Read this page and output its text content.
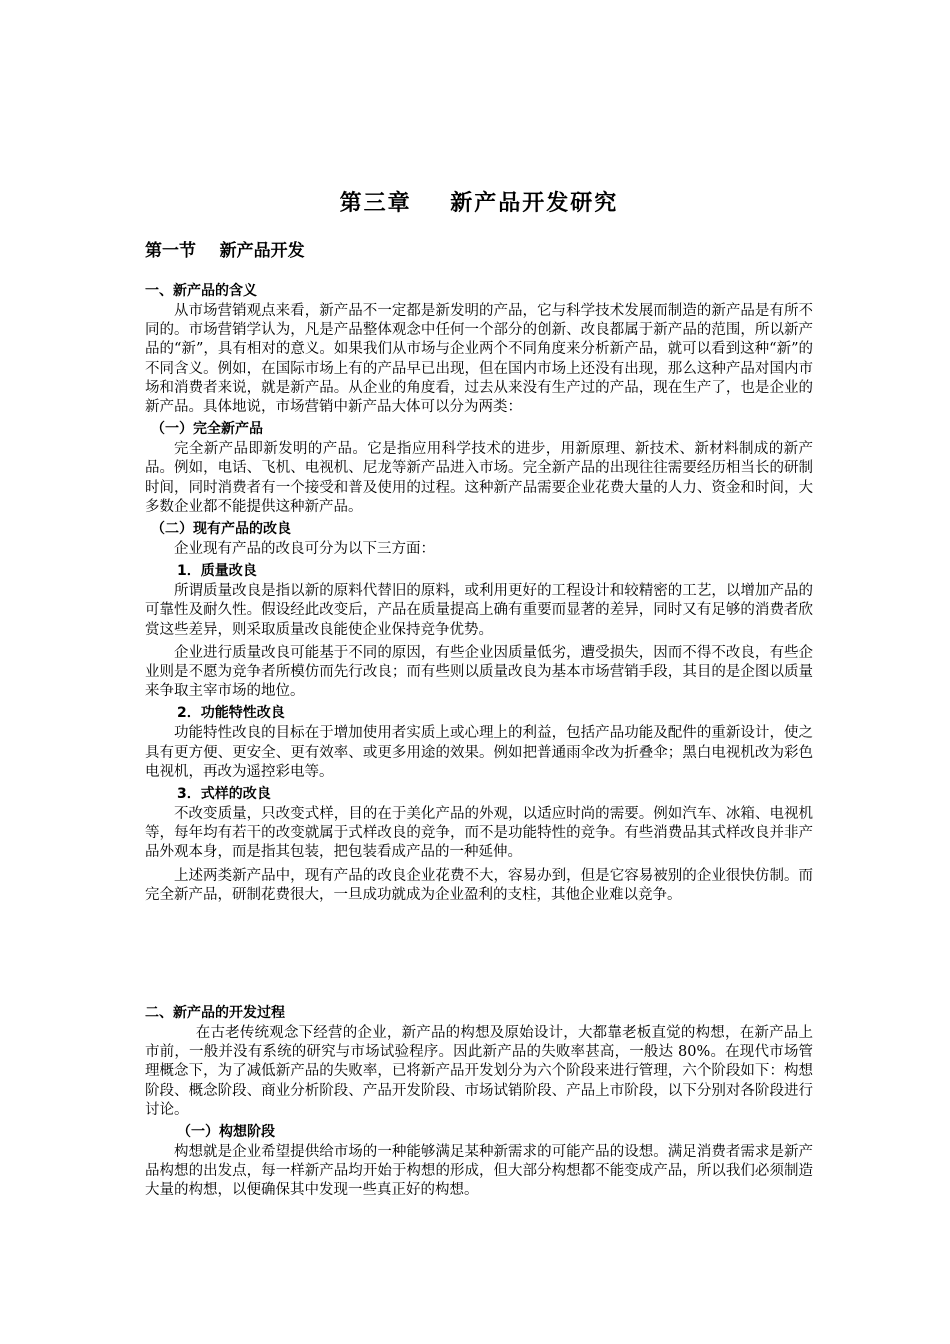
第三章    新产品开发研究
第一节    新产品开发

一、新产品的含义

从市场营销观点来看，新产品不一定都是新发明的产品，它与科学技术发展而制造的新产品是有所不同的。市场营销学认为，凡是产品整体观念中任何一个部分的创新、改良都属于新产品的范围，所以新产品的“新”，具有相对的意义。如果我们从市场与企业两个不同角度来分析新产品，就可以看到这种“新”的不同含义。例如，在国际市场上有的产品早已出现，但在国内市场上还没有出现，那么这种产品对国内市场和消费者来说，就是新产品。从企业的角度看，过去从来没有生产过的产品，现在生产了，也是企业的新产品。具体地说，市场营销中新产品大体可以分为两类：

（一）完全新产品

完全新产品即新发明的产品。它是指应用科学技术的进步，用新原理、新技术、新材料制成的新产品。例如，电话、飞机、电视机、尼龙等新产品进入市场。完全新产品的出现往往需要经历相当长的研制时间，同时消费者有一个接受和普及使用的过程。这种新产品需要企业花费大量的人力、资金和时间，大多数企业都不能提供这种新产品。

（二）现有产品的改良

企业现有产品的改良可分为以下三方面：

1．质量改良

所谓质量改良是指以新的原料代替旧的原料，或利用更好的工程设计和较精密的工艺，以增加产品的可靠性及耐久性。假设经此改变后，产品在质量提高上确有重要而显著的差异，同时又有足够的消费者欣赏这些差异，则采取质量改良能使企业保持竞争优势。

企业进行质量改良可能基于不同的原因，有些企业因质量低劣，遭受损失，因而不得不改良，有些企业则是不愿为竞争者所模仿而先行改良；而有些则以质量改良为基本市场营销手段，其目的是企图以质量来争取主宰市场的地位。

2．功能特性改良

功能特性改良的目标在于增加使用者实质上或心理上的利益，包括产品功能及配件的重新设计，使之具有更方便、更安全、更有效率、或更多用途的效果。例如把普通雨伞改为折叠伞；黑白电视机改为彩色电视机，再改为遥控彩电等。

3．式样的改良

不改变质量，只改变式样，目的在于美化产品的外观，以适应时尚的需要。例如汽车、冰箱、电视机等，每年均有若干的改变就属于式样改良的竞争，而不是功能特性的竞争。有些消费品其式样改良并非产品外观本身，而是指其包装，把包装看成产品的一种延伸。

上述两类新产品中，现有产品的改良企业花费不大，容易办到，但是它容易被别的企业很快仿制。而完全新产品，研制花费很大，一旦成功就成为企业盈利的支柱，其他企业难以竞争。

二、新产品的开发过程

在古老传统观念下经营的企业，新产品的构想及原始设计，大都靠老板直觉的构想，在新产品上市前，一般并没有系统的研究与市场试验程序。因此新产品的失败率甚高，一般达 80%。在现代市场管理概念下，为了减低新产品的失败率，已将新产品开发划分为六个阶段来进行管理，六个阶段如下：构想阶段、概念阶段、商业分析阶段、产品开发阶段、市场试销阶段、产品上市阶段，以下分别对各阶段进行讨论。

（一）构想阶段

构想就是企业希望提供给市场的一种能够满足某种新需求的可能产品的设想。满足消费者需求是新产品构想的出发点，每一样新产品均开始于构想的形成，但大部分构想都不能变成产品，所以我们必须制造大量的构想，以便确保其中发现一些真正好的构想。
